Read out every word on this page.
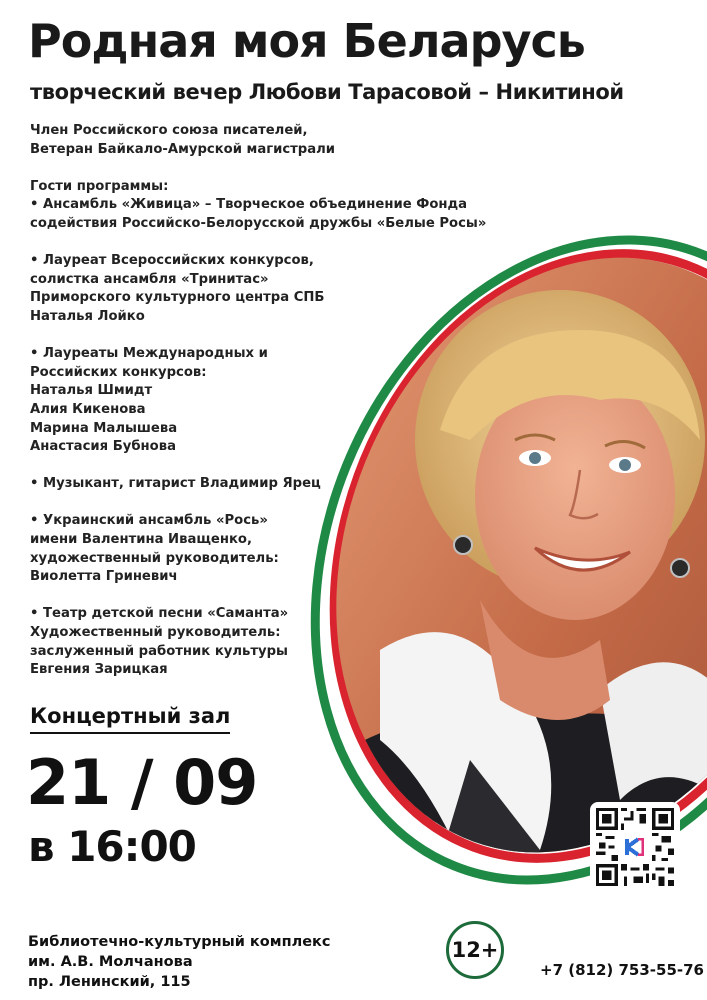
Родная моя Беларусь
творческий вечер Любови Тарасовой – Никитиной
Член Российского союза писателей,
Ветеран Байкало-Амурской магистрали
Гости программы:
• Ансамбль «Живица» – Творческое объединение Фонда
содействия Российско-Белорусской дружбы «Белые Росы»
• Лауреат Всероссийских конкурсов,
солистка ансамбля «Тринитас»
Приморского культурного центра СПБ
Наталья Лойко
• Лауреаты Международных и
Российских конкурсов:
Наталья Шмидт
Алия Кикенова
Марина Малышева
Анастасия Бубнова
• Музыкант, гитарист Владимир Ярец
• Украинский ансамбль «Рось»
имени Валентина Иващенко,
художественный руководитель:
Виолетта Гриневич
• Театр детской песни «Саманта»
Художественный руководитель:
заслуженный работник культуры
Евгения Зарицкая
Концертный зал
21 / 09
в 16:00
Библиотечно-культурный комплекс
им. А.В. Молчанова
пр. Ленинский, 115
12+
+7 (812) 753-55-76
